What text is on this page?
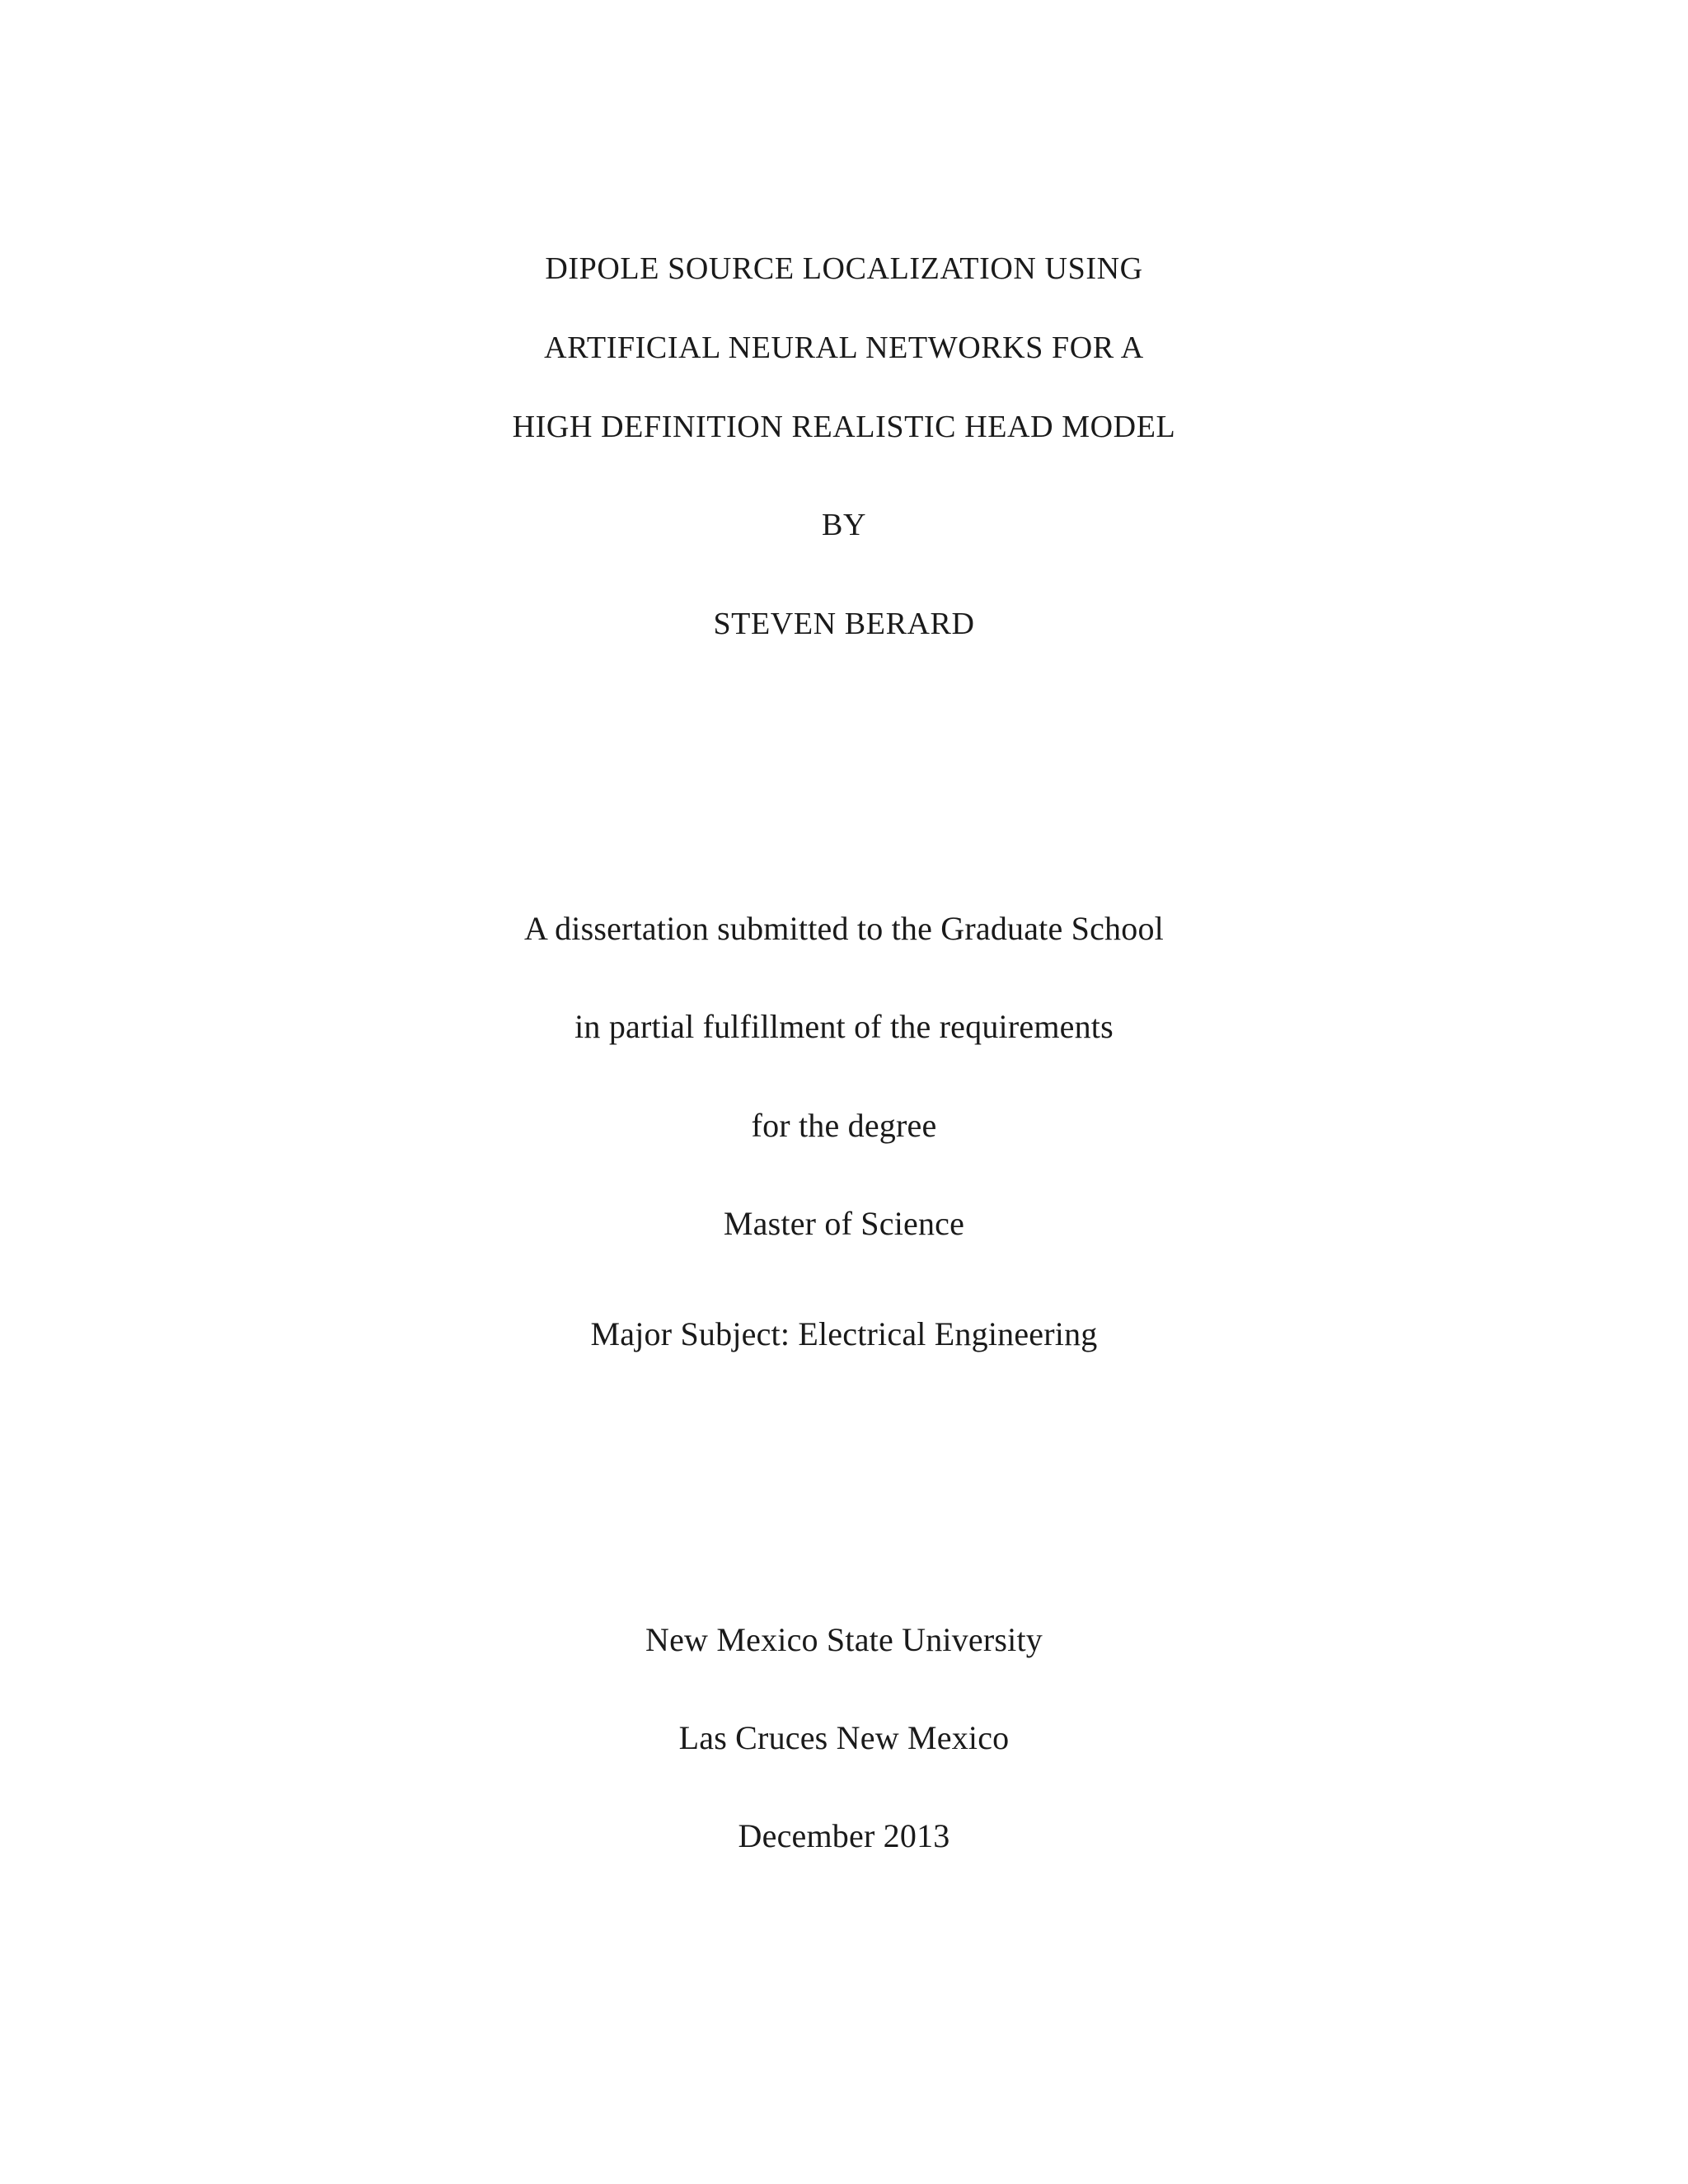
DIPOLE SOURCE LOCALIZATION USING
ARTIFICIAL NEURAL NETWORKS FOR A
HIGH DEFINITION REALISTIC HEAD MODEL
BY
STEVEN BERARD
A dissertation submitted to the Graduate School
in partial fulfillment of the requirements
for the degree
Master of Science
Major Subject: Electrical Engineering
New Mexico State University
Las Cruces New Mexico
December 2013
